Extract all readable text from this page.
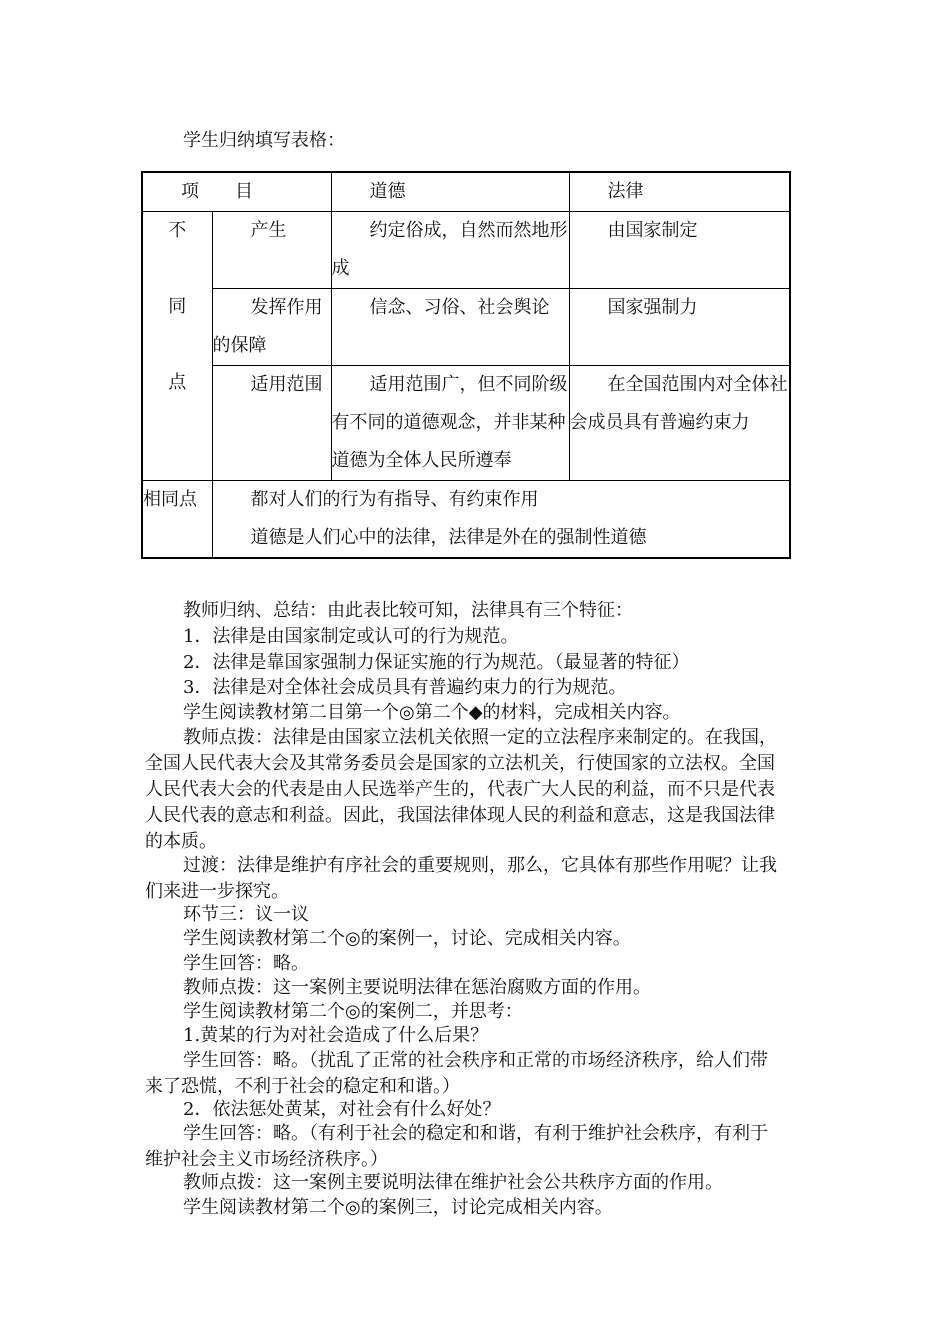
学生归纳填写表格：
项　　目		道德	法律

不
同
点	产生	约定俗成，自然而然地形成	由国家制定
	发挥作用的保障	信念、习俗、社会舆论	国家强制力
	适用范围	适用范围广，但不同阶级有不同的道德观念，并非某种道德为全体人民所遵奉	在全国范围内对全体社会成员具有普遍约束力
相同点	都对人们的行为有指导、有约束作用
道德是人们心中的法律，法律是外在的强制性道德		
教师归纳、总结：由此表比较可知，法律具有三个特征：
1．法律是由国家制定或认可的行为规范。
2．法律是靠国家强制力保证实施的行为规范。（最显著的特征）
3．法律是对全体社会成员具有普遍约束力的行为规范。
学生阅读教材第二目第一个◎第二个◆的材料，完成相关内容。
教师点拨：法律是由国家立法机关依照一定的立法程序来制定的。在我国，全国人民代表大会及其常务委员会是国家的立法机关，行使国家的立法权。全国人民代表大会的代表是由人民选举产生的，代表广大人民的利益，而不只是代表人民代表的意志和利益。因此，我国法律体现人民的利益和意志，这是我国法律的本质。
过渡：法律是维护有序社会的重要规则，那么，它具体有那些作用呢？让我们来进一步探究。
环节三：议一议
学生阅读教材第二个◎的案例一，讨论、完成相关内容。
学生回答：略。
教师点拨：这一案例主要说明法律在惩治腐败方面的作用。
学生阅读教材第二个◎的案例二，并思考：
1.黄某的行为对社会造成了什么后果？
学生回答：略。（扰乱了正常的社会秩序和正常的市场经济秩序，给人们带来了恐慌，不利于社会的稳定和和谐。）
2．依法惩处黄某，对社会有什么好处？
学生回答：略。（有利于社会的稳定和和谐，有利于维护社会秩序，有利于维护社会主义市场经济秩序。）
教师点拨：这一案例主要说明法律在维护社会公共秩序方面的作用。
学生阅读教材第二个◎的案例三，讨论完成相关内容。
